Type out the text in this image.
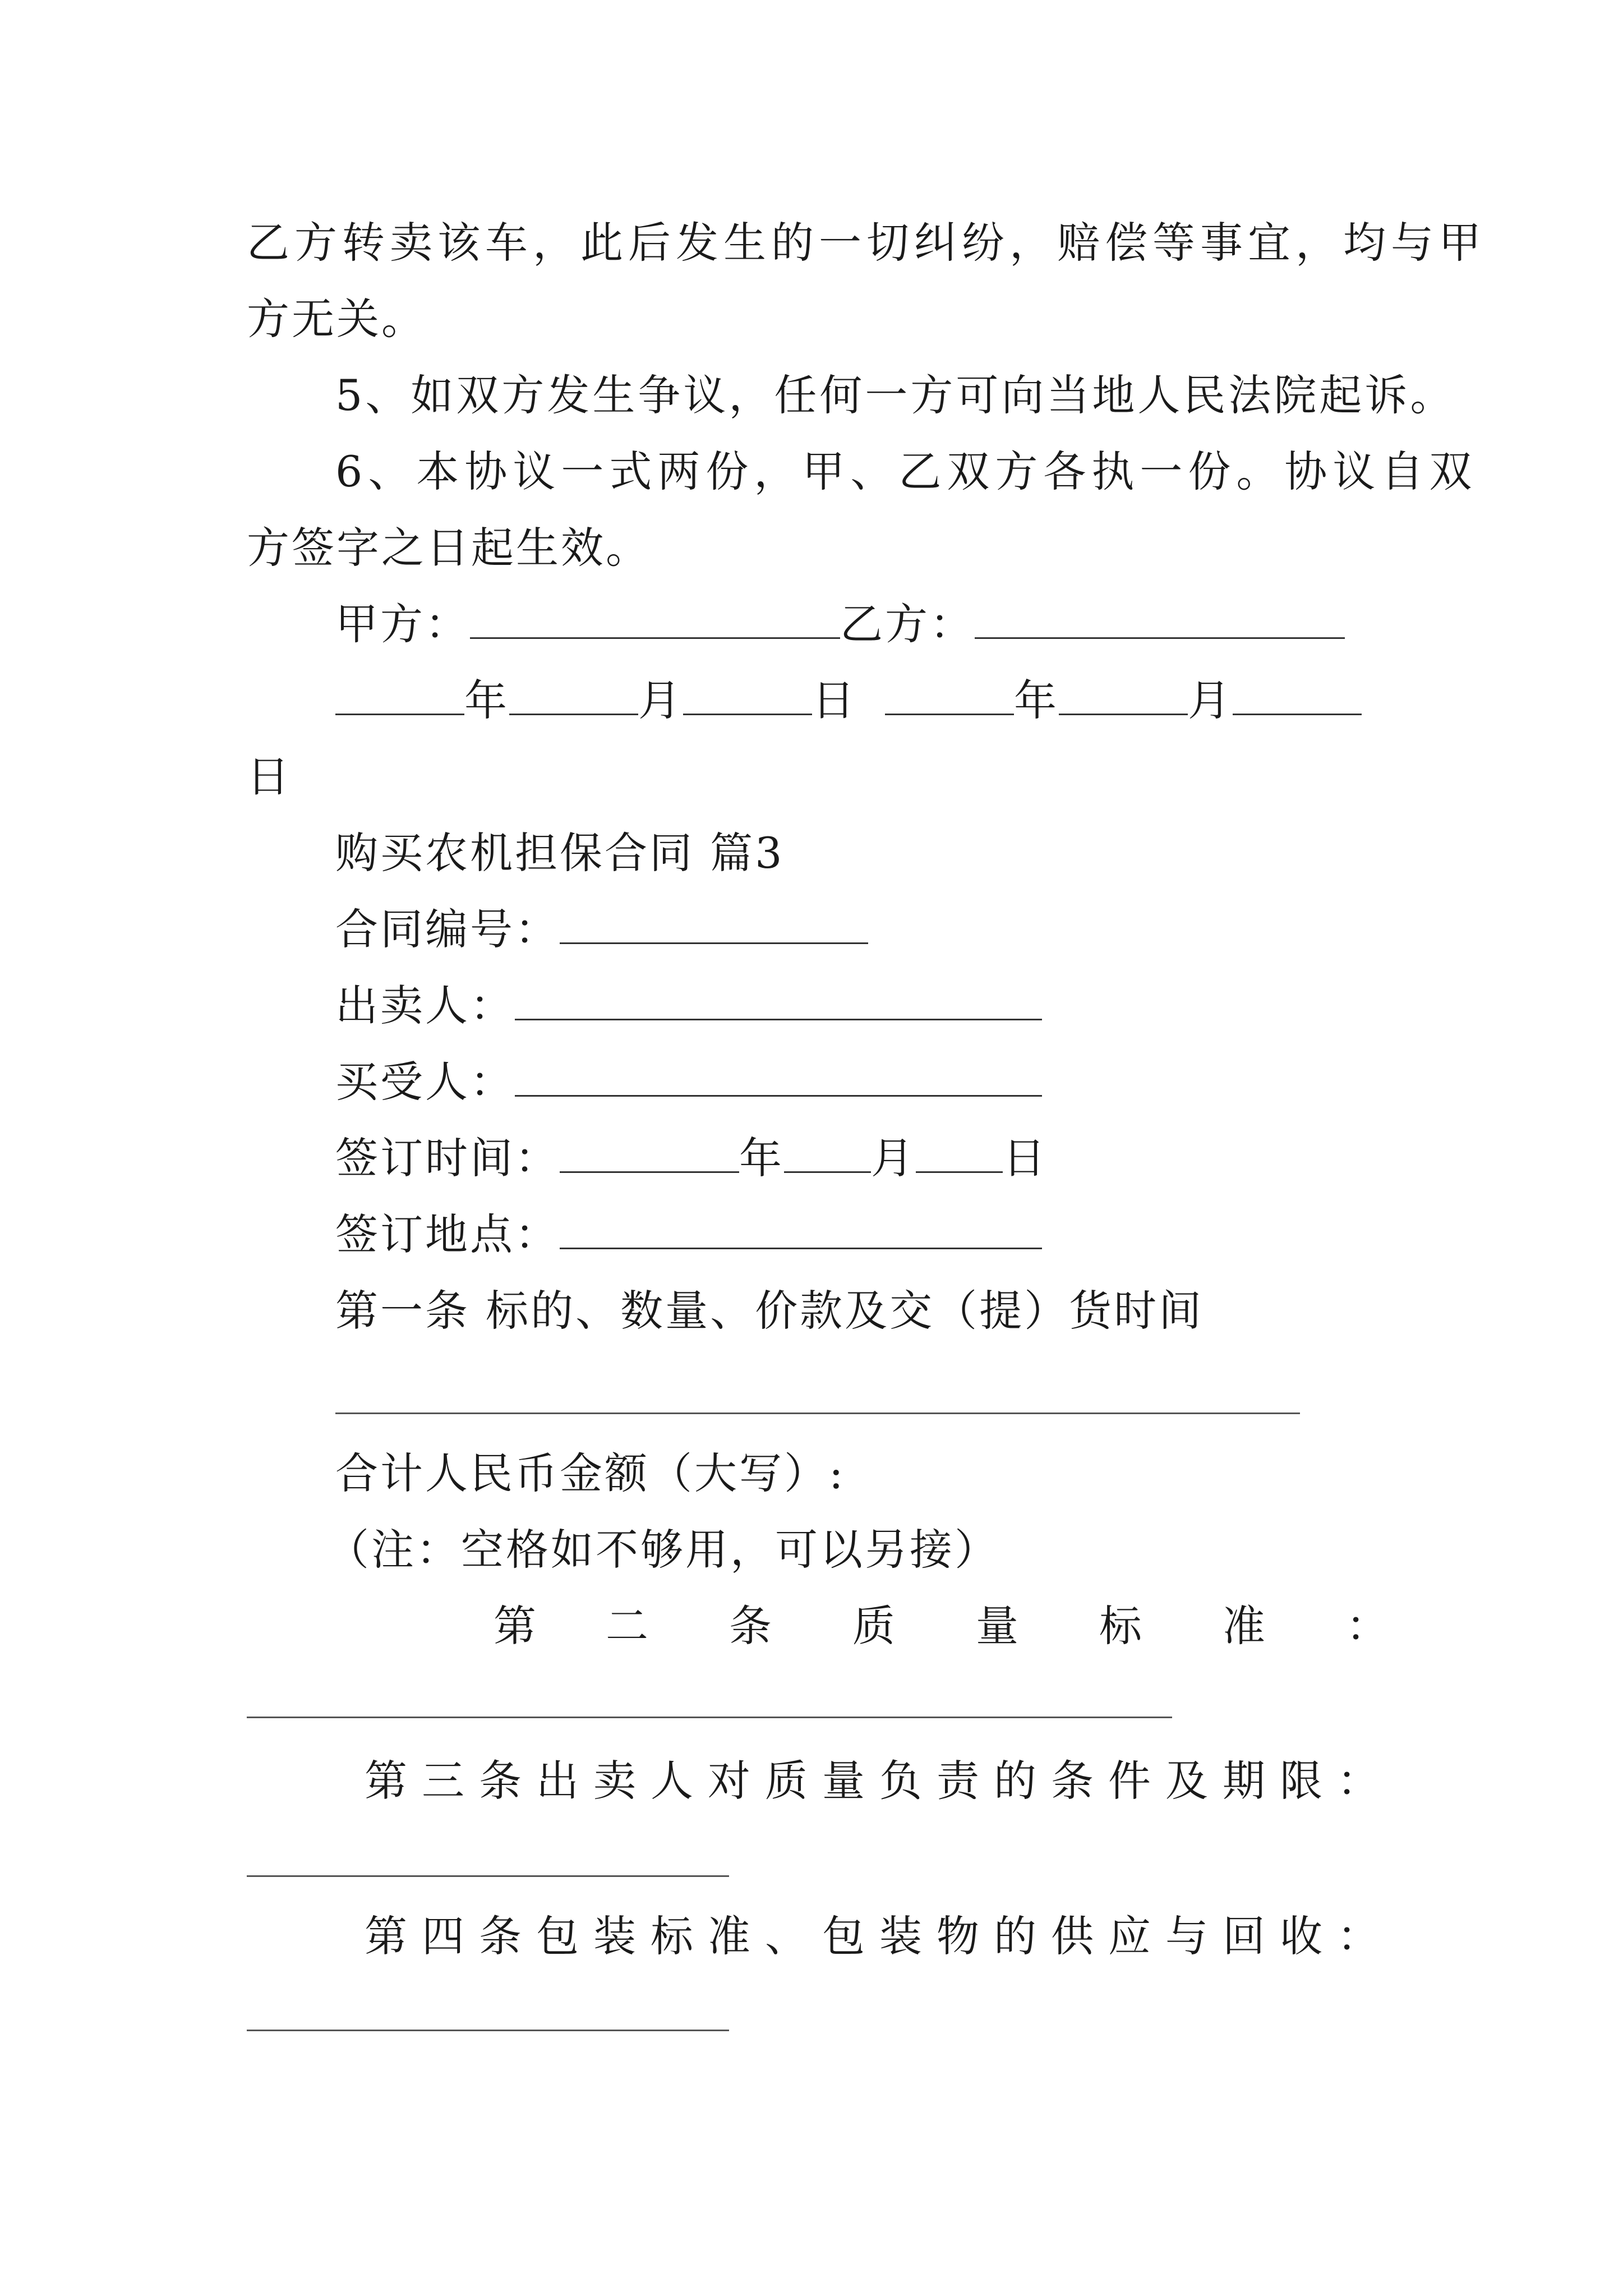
乙方转卖该车，此后发生的一切纠纷，赔偿等事宜，均与甲
方无关。
5、如双方发生争议，任何一方可向当地人民法院起诉。
6、本协议一式两份，甲、乙双方各执一份。协议自双
方签字之日起生效。
甲方：	乙方：
年	月	日	年	月
日
购买农机担保合同 篇3
合同编号：
出卖人：
买受人：
签订时间：	年 月 日
签订地点：
第一条 标的、数量、价款及交（提）货时间
合计人民币金额（大写）:
（注：空格如不够用，可以另接）
第 二 条 质 量 标 准 ：
第三条出卖人对质量负责的条件及期限：
第四条包装标准、包装物的供应与回收：
